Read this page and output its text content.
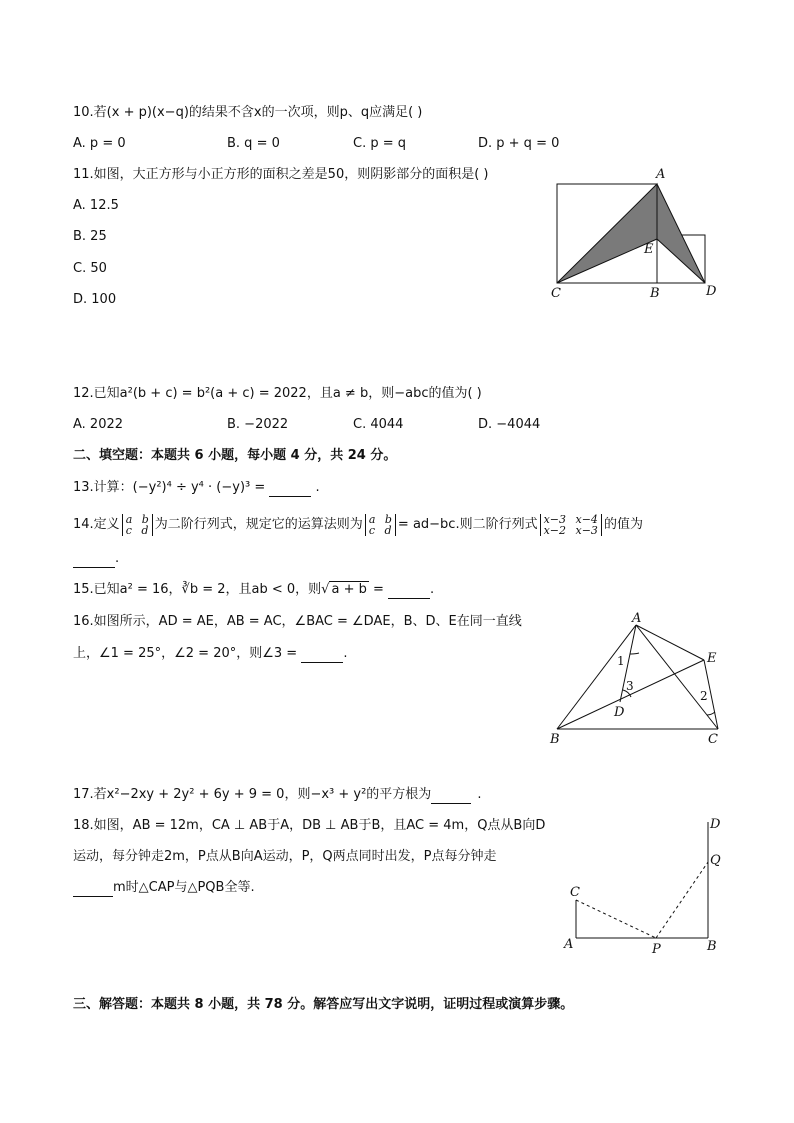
10.若(x + p)(x−q)的结果不含x的一次项，则p、q应满足( )
A. p = 0	B. q = 0	C. p = q	D. p + q = 0
11.如图，大正方形与小正方形的面积之差是50，则阴影部分的面积是( )
A. 12.5
B. 25
C. 50
D. 100
A
E
C	B	D
12.已知a²(b + c) = b²(a + c) = 2022，且a ≠ b，则−abc的值为( )
A. 2022	B. −2022	C. 4044	D. −4044
二、填空题：本题共 6 小题，每小题 4 分，共 24 分。
13.计算：(−y²)⁴ ÷ y⁴ · (−y)³ =	.
14.定义 a b
c d 为二阶行列式，规定它的运算法则为 a b
c d = ad−bc.则二阶行列式 x−3 x−4
x−2 x−3 的值为
.
15.已知a² = 16，∛b = 2，且ab < 0，则√ a + b =	.
16.如图所示，AD = AE，AB = AC，∠BAC = ∠DAE，B、D、E在同一直线
上，∠1 = 25°，∠2 = 20°，则∠3 =	.
A
E
1
3
2
D
B	C
17.若x²−2xy + 2y² + 6y + 9 = 0，则−x³ + y²的平方根为	.
18.如图，AB = 12m，CA ⊥ AB于A，DB ⊥ AB于B，且AC = 4m，Q点从B向D
运动，每分钟走2m，P点从B向A运动，P，Q两点同时出发，P点每分钟走
m时△CAP与△PQB全等.
D
Q
C
A	P	B
三、解答题：本题共 8 小题，共 78 分。解答应写出文字说明，证明过程或演算步骤。
